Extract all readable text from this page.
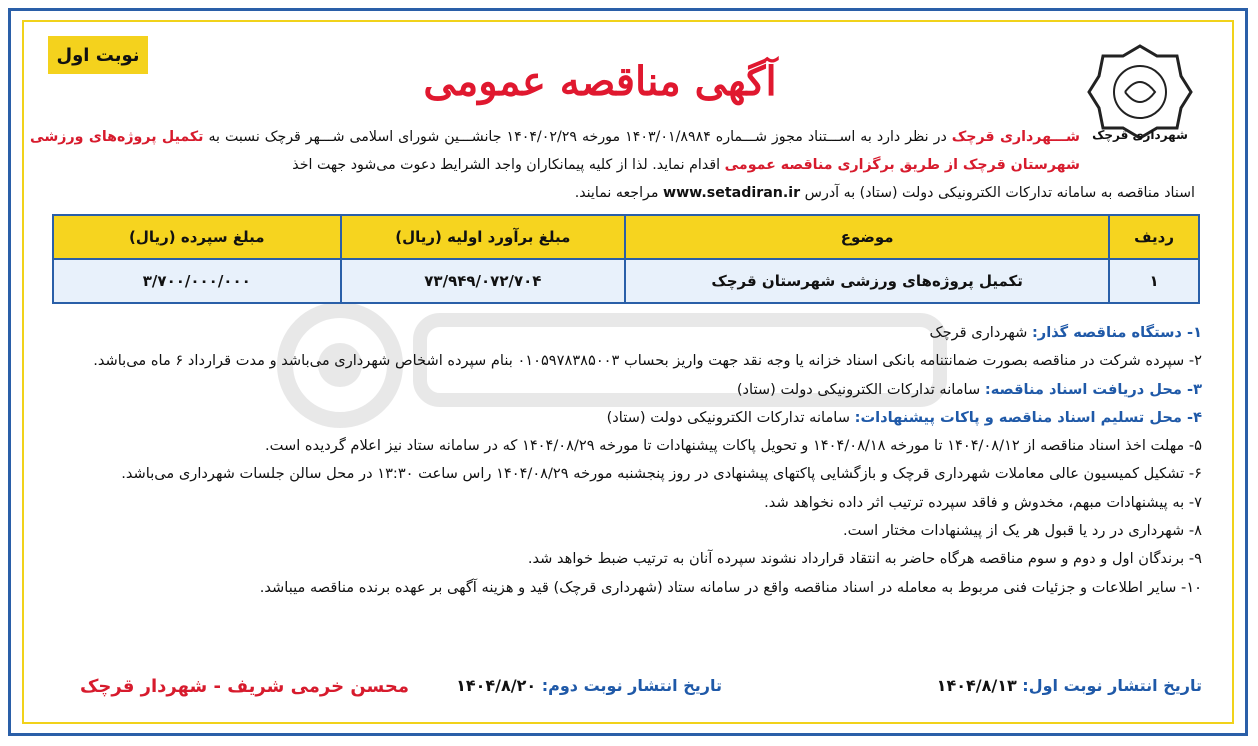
نوبت اول
آگهی مناقصه عمومی
شهرداری قرچک
شـــهرداری قرچک در نظر دارد به اســـتناد مجوز شـــماره ۱۴۰۳/۰۱/۸۹۸۴ مورخه ۱۴۰۴/۰۲/۲۹ جانشـــین شورای اسلامی شـــهر قرچک نسبت به تکمیل پروژه‌های ورزشی شهرستان قرچک از طریق برگزاری مناقصه عمومی اقدام نماید. لذا از کلیه پیمانکاران واجد الشرایط دعوت می‌شود جهت اخذ
اسناد مناقصه به سامانه تدارکات الکترونیکی دولت (ستاد) به آدرس www.setadiran.ir مراجعه نمایند.
ردیف	موضوع	مبلغ برآورد اولیه (ریال)	مبلغ سپرده (ریال)
۱	تکمیل پروژه‌های ورزشی شهرستان قرچک	۷۳/۹۴۹/۰۷۲/۷۰۴	۳/۷۰۰/۰۰۰/۰۰۰
۱- دستگاه مناقصه گذار: شهرداری قرچک
۲- سپرده شرکت در مناقصه بصورت ضمانتنامه بانکی اسناد خزانه یا وجه نقد جهت واریز بحساب ۰۱۰۵۹۷۸۳۸۵۰۰۳ بنام سپرده اشخاص شهرداری می‌باشد و مدت قرارداد ۶ ماه می‌باشد.
۳- محل دریافت اسناد مناقصه: سامانه تدارکات الکترونیکی دولت (ستاد)
۴- محل تسلیم اسناد مناقصه و پاکات پیشنهادات: سامانه تدارکات الکترونیکی دولت (ستاد)
۵- مهلت اخذ اسناد مناقصه از ۱۴۰۴/۰۸/۱۲ تا مورخه ۱۴۰۴/۰۸/۱۸ و تحویل پاکات پیشنهادات تا مورخه ۱۴۰۴/۰۸/۲۹ که در سامانه ستاد نیز اعلام گردیده است.
۶- تشکیل کمیسیون عالی معاملات شهرداری قرچک و بازگشایی پاکتهای پیشنهادی در روز پنجشنبه مورخه ۱۴۰۴/۰۸/۲۹ راس ساعت ۱۳:۳۰ در محل سالن جلسات شهرداری می‌باشد.
۷- به پیشنهادات مبهم، مخدوش و فاقد سپرده ترتیب اثر داده نخواهد شد.
۸- شهرداری در رد یا قبول هر یک از پیشنهادات مختار است.
۹- برندگان اول و دوم و سوم مناقصه هرگاه حاضر به انتقاد قرارداد نشوند سپرده آنان به ترتیب ضبط خواهد شد.
۱۰- سایر اطلاعات و جزئیات فنی مربوط به معامله در اسناد مناقصه واقع در سامانه ستاد (شهرداری قرچک) قید و هزینه آگهی بر عهده برنده مناقصه میباشد.
تاریخ انتشار نوبت اول: ۱۴۰۴/۸/۱۳
تاریخ انتشار نوبت دوم: ۱۴۰۴/۸/۲۰
محسن خرمی شریف - شهردار قرچک
